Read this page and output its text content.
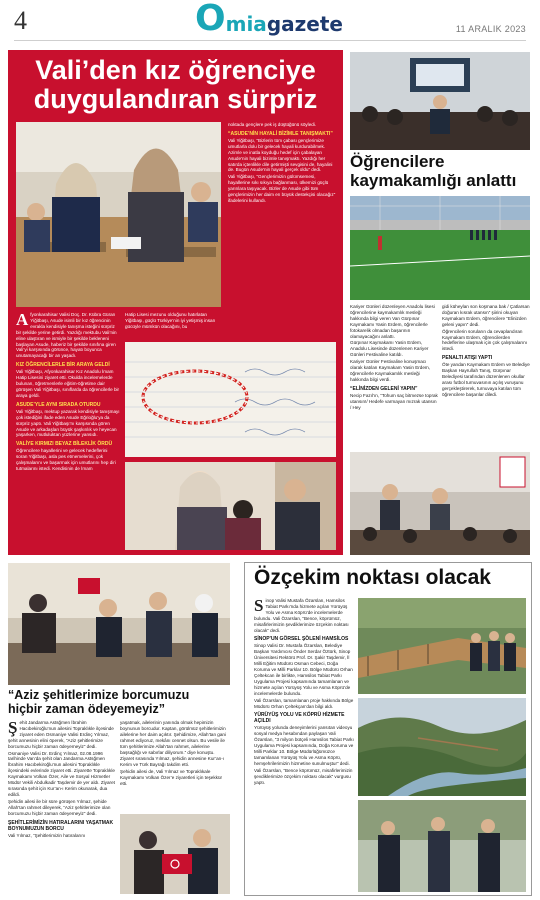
4	O mia gazete	11 ARALIK 2023
Vali’den kız öğrenciye
duygulandıran sürpriz

noktada gençlere pek iş düştüğünü söyledi.

“ASUDE’NİN HAYALİ BİZİMLE TANIŞMAKTI”

Vali Yiğitbaşı, “Bizlerin tüm çabası gençlerimize umutlarla dolu bir gelecek hayali kurdurabilmek. Azimle ve inatla koyduğu hedef için çabalayan Asude’nin hayali bizimle tanışmaktı. Yazdığı her satırda içtenlikle dile getirmişti sevgisini de, hayalini de. Bugün Asude’nin hayali gerçek oldu” dedi.

Vali Yiğitbaşı, “Gençlerimizin gülümsemesi, hayallerine sıkı sıkıya bağlanması, ülkemizi güçlü yarınlara taşıyacak. Bizler de Asude gibi tüm gençlerimizin her daim en büyük destekçisi olacağız” ifadelerini kullandı.

Afyonkarahisar Valisi Doç. Dr. Kübra Güran Yiğitbaşı, Asude isimli bir kız öğrencinin evrakla kendisiyle tanışma isteğini sürpriz bir şekilde yerine getirdi. Yazdığı mektubu Vali’nin eline ulaştıran ve ismiyle bir şekilde bekleneni başlayan Asude, haberiz bir şekilde sınıfına giren Vali’yi karşısında görünce, hayatı boyunca unutamayacağı bir an yaşadı.

KIZ ÖĞRENCİLERLE BİR ARAYA GELDİ

Vali Yiğitbaşı, Afyonkarahisar Kız Anadolu İmam Hatip Lisesini ziyaret etti. Okulda incelemelerde bulunan, öğretmenlerle eğitim-öğretime dair görüşen Vali Yiğitbaşı, sınıflarda da öğrencilerle bir araya geldi.

ASUDE’YLE AYNI SIRADA OTURDU

Vali Yiğitbaşı, mektup yazarak kendisiyle tanışmayı çok istediğini ifade eden Asude Eğrioğlu’ya da sürpriz yaptı. Vali Yiğitbaşı’nı karşısında gören Asude ve arkadaşları büyük şaşkınlık ve heyecan yaşarken, mutluluktan yüzlerine yansıdı.

VALİYE KIRMIZI BEYAZ BİLEKLİK ÖRDÜ

Öğrencilere hayallerini ve gelecek hedeflerini soran Yiğitbaşı, asla pes etmemelerini, çok çalışmalarını ve başarmak için umutlarını hep diri tutmalarını istedi. Kendisinin de İmam

Hatip Lisesi mezunu olduğunu hatırlatan Yiğitbaşı, güçlü Türkiye’nin iyi yetişmiş insan gücüyle mümkün olacağını, bu

Öğrencilere
kaymakamlığı anlattı

Kariyer Günleri düzenleyen Anadolu lisesi öğrencilerine kaymakamlık mesleği hakkında bilgi veren Van Gürpınar Kaymakamı Yasin Erdem, öğrencilerle fotokarelik olmadan başarının olamayacağını anlattı.

Gürpınar Kaymakamı Yasin Erdem, Anadolu Lisesinde düzenlenen Kariyer Günleri Festivaline katıldı.

Kariyer Günler Festivaline konuşmacı olarak katılan Kaymakam Yasin Erdem, öğrencilerle Kaymakamlık mesleği hakkında bilgi verdi.

“ELİNİZDEN GELENİ YAPIN”

Necip Fazıl’ın, “Tohum saç bitmezse toprak utansın!/ Hedefe varmayan mızrak utansın / Hey

gidi küheylan son koşmana bak / Çatlarsan doğuran kısrak utansın” şiirini okuyan Kaymakam Erdem, öğrencilere “Elinizden geleni yapın” dedi.

Öğrencilerin soruların da cevaplandıran Kaymakam Erdem, öğrencilerden hedeflerine ulaşmak için çok çalışmalarını istedi.

PENALTI ATIŞI YAPTI

Öte yandan Kaymakam Erdem ve Belediye Başkan Hayrullah Tanış, Gürpınar Belediyesi tarafından düzenlenen okullar arası futbol turnuvasının açılış vuruşunu gerçekleştirerek, turnuvaya katılan tüm öğrencilere başarılar diledi.

“Aziz şehitlerimize borcumuzu
hiçbir zaman ödeyemeyiz”

Şehit Jandarma Astsğmen İbrahim Hacıbekiroğlu’nun ailesini Topraklıkle ilçesinde ziyaret eden Osmaniye Valisi Erdinç Yılmaz, şehit annesinin elini öperek, “Aziz şehitlerimize borcumuzu hiçbir zaman ödeyemeyiz” dedi.

Osmaniye Valisi Dr. Erdinç Yılmaz, 02.08.1996 tarihinde Van’da şehit olan Jandarma Astsğmen İbrahim Hacıbekiroğlu’nun ailesini Topraklıkle ilçesindeki evlerinde ziyaret etti. Ziyarette Topraklıkle Kaymakamı Volkan Özer, Aile ve Sosyal Hizmetler Müdür Vekili Abdulkadir Taşdemir de yer aldı. Ziyaret sırasında şehit için Kur’an-ı Kerim okunarak, dua edildi.

Şehidin ailesi ile bir süre görüşen Yılmaz, şehide Allah’tan rahmet dileyerek, “Aziz şehitlerimize olan borcumuzu hiçbir zaman ödeyemeyiz” dedi.

ŞEHİTLERİMİZİN HATIRALARINI YAŞATMAK BOYNUMUZUN BORCU

Vali Yılmaz, “Şehitlerimizin hatıralarını

yaşatmak, ailelerinin yanında olmak hepimizin boynunun borcudur. Kaptan, görülmüz şehitlerimizin ailelerine her daim açıktır. Şehidimize, Allah’tan gani rahmet ediyoruz, mekânı cennet olsun. Bu vesile ile tüm şehitlerimize Allah’tan rahmet, ailelerine başsağlığı ve sabırlar diliyorum.” diye konuştu.

Ziyaret sırasında Yılmaz, şehidin annesine Kur’an-ı Kerim ve Türk Bayrağı takdim etti.

Şehidin ailesi de, Vali Yılmaz ve Topraklıkale Kaymakamı Volkan Özer’e ziyaretleri için teşekkür etti.

Özçekim noktası olacak

Sinop Valisi Mustafa Özarslan, Hamsilos Tabiat Parkı’nda hizmete açılan Yürüyüş Yolu ve Asma Köprü’de incelemelerde bulundu. Vali Özarslan, “Bence, köprümüz, misafirlerimizin şevdiklerimize özçekim noktası olacak” dedi.

SİNOP’UN GÖRSEL ŞÖLENİ HAMSİLOS

Sinop Valisi Dr. Mustafa Özarslan, Belediye Başkan Yardımcısı Önder Serdar Öztürk, Sinop Üniversitesi Rektörü Prof. Dr. Şakir Taşdemir, İl Milli Eğitim Müdürü Osman Cebeci, Doğa Koruma ve Milli Parklar 10. Bölge Müdürü Orhan Çeltekcan ile birlikte, Hamsilos Tabiat Parkı Uygulama Projesi kapsamında tamamlanan ve hizmete açılan Yürüyüş Yolu ve Asma Köprü’de incelemelerde bulundu.

Vali Özarslan, tamamlanan proje hakkında Bölge Müdürü Orhan Çeltekçan’dan bilgi aldı.

YÜRÜYÜŞ YOLU VE KÖPRÜ HİZMETE AÇILDI

Yürüyüş yolunda deneyimlerini yansıtan videoyu sosyal medya hesabından paylaşan Vali Özarslan, “3 milyon bütçeli Hamsilos Tabiat Parkı Uygulama Projesi kapsamında, Doğa Koruma ve Milli Parklar 10. Bölge Müdürlüğümüzce tamamlanan Yürüyüş Yolu ve Asma Köprü, hemşehrilerimizin hizmetine sunulmuştur” dedi.

Vali Özarslan, “Bence köprümüz, misafirlerimizin şevdiklerimize özçekim noktası olacak” vurgusu yaptı.
